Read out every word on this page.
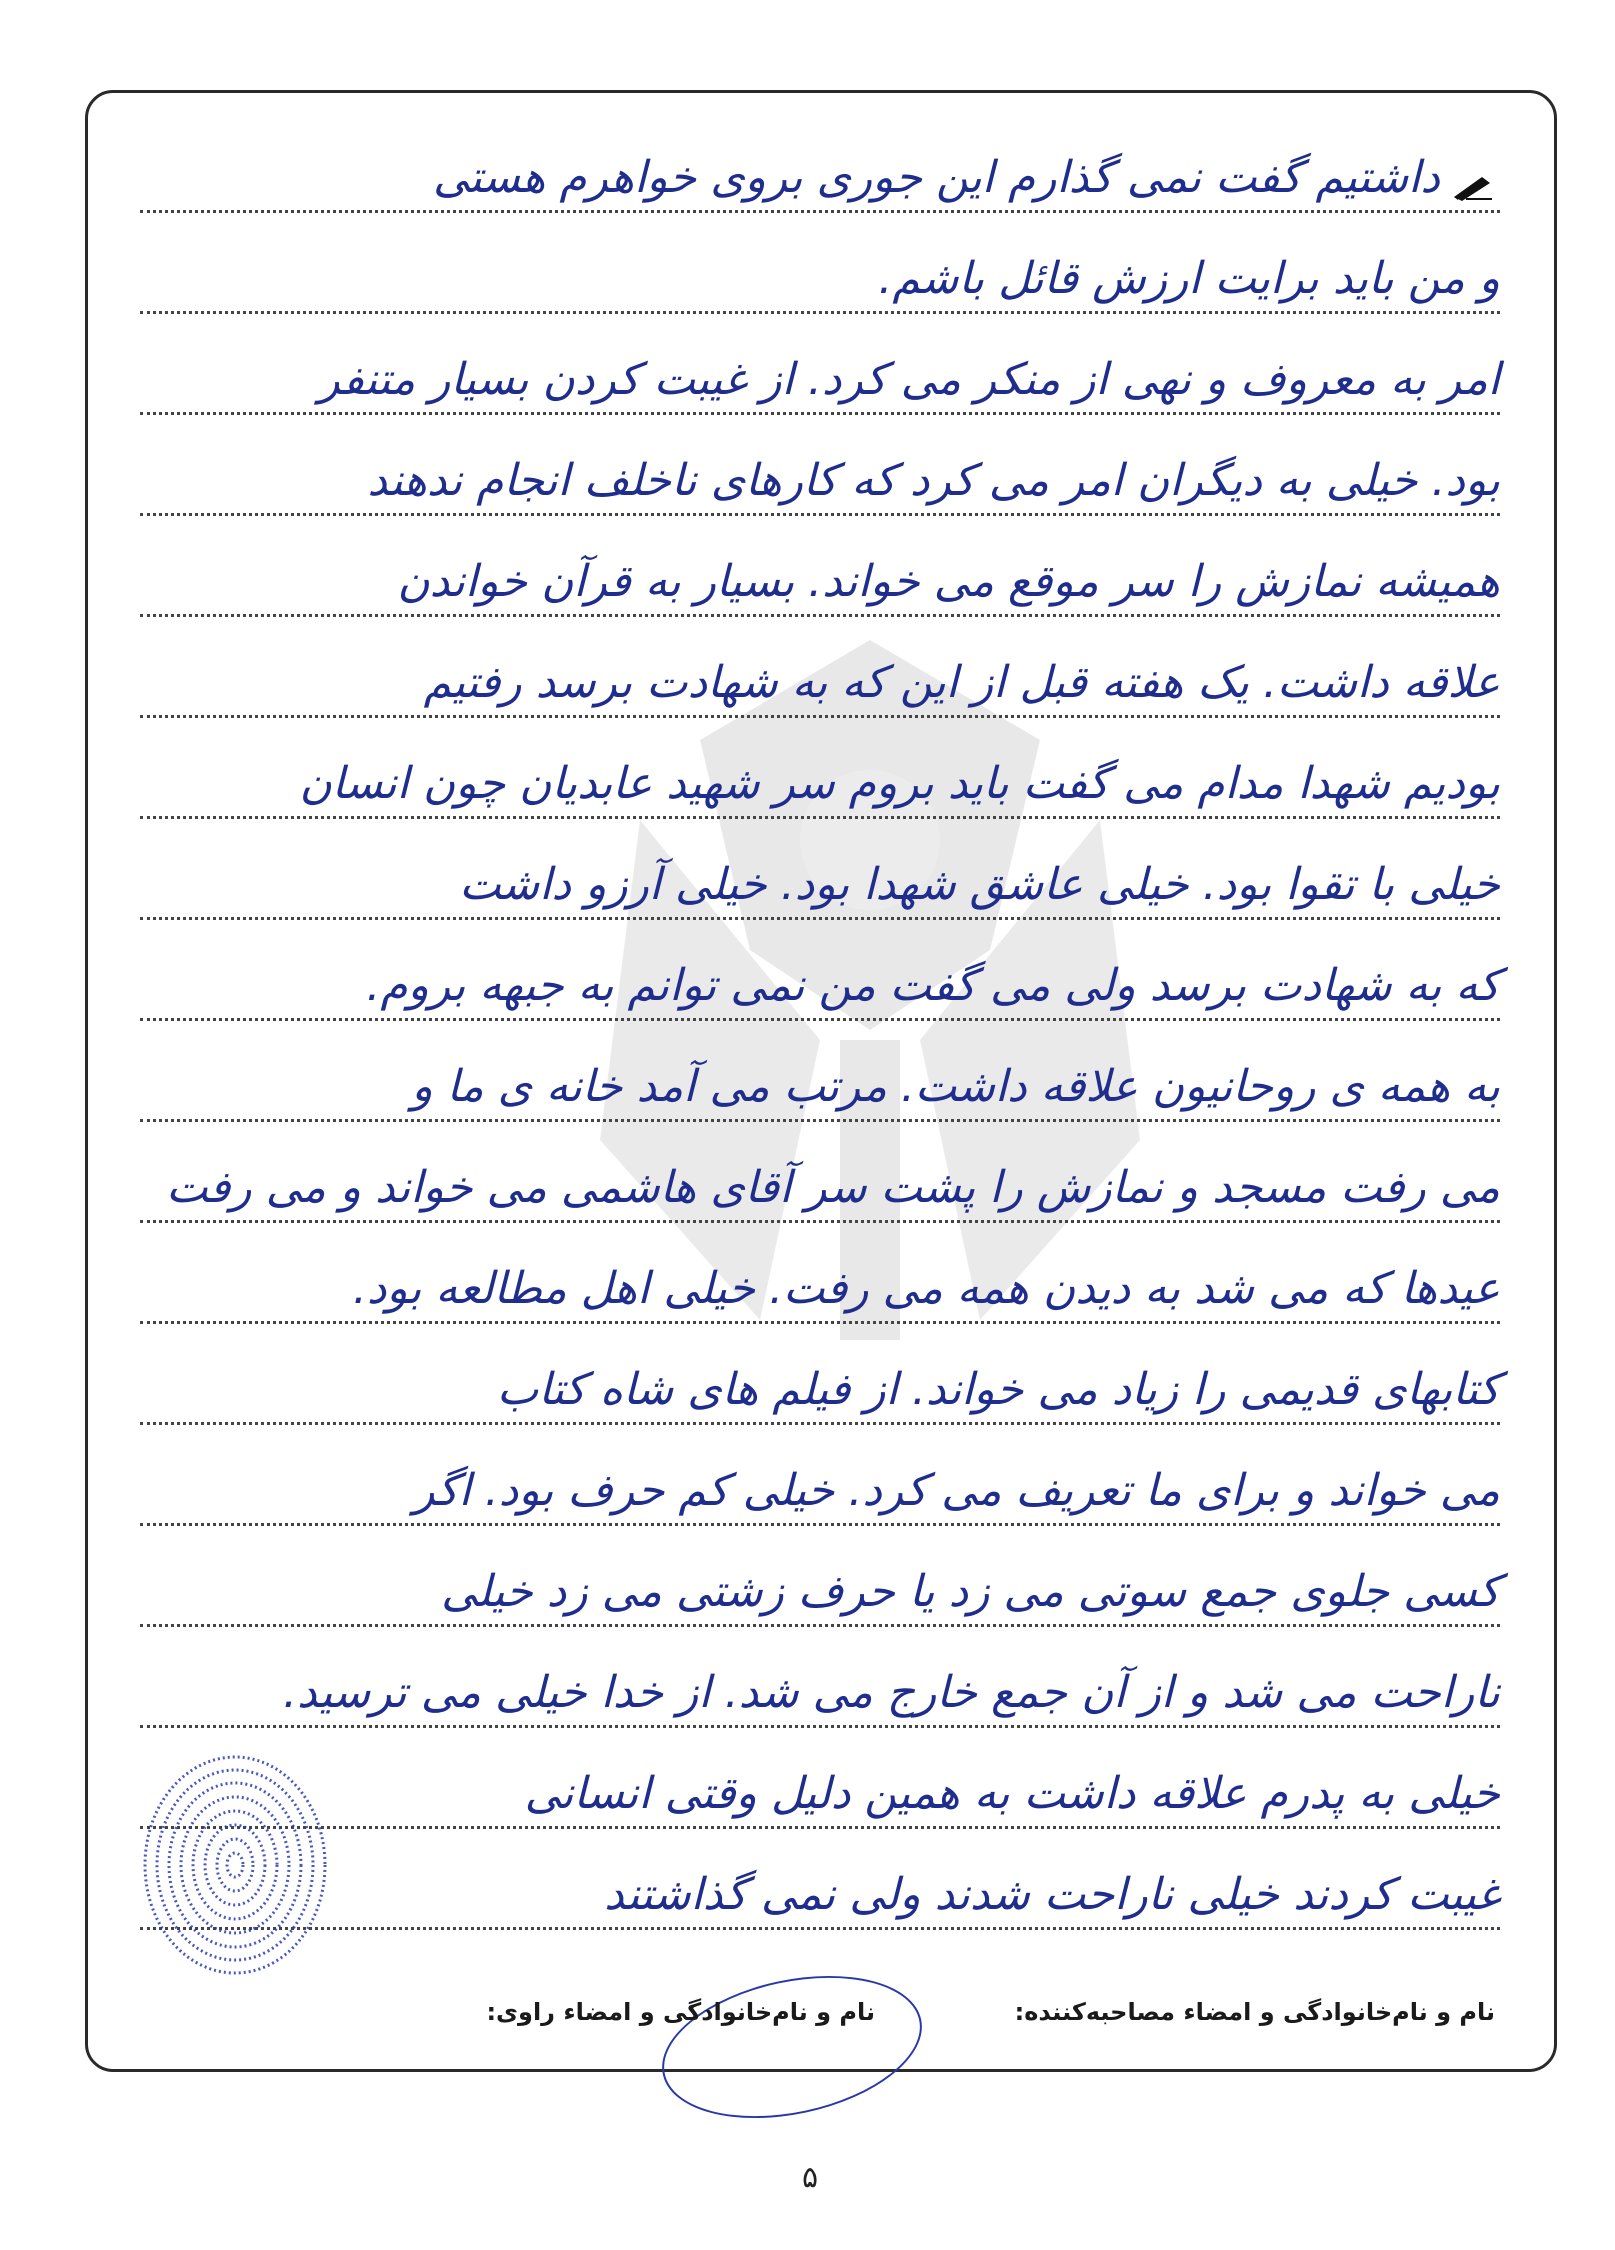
داشتیم گفت نمی گذارم این جوری بروی خواهرم هستی
و من باید برایت ارزش قائل باشم.
امر به معروف و نهی از منکر می کرد. از غیبت کردن بسیار متنفر
بود. خیلی به دیگران امر می کرد که کارهای ناخلف انجام ندهند
همیشه نمازش را سر موقع می خواند. بسیار به قرآن خواندن
علاقه داشت. یک هفته قبل از این که به شهادت برسد رفتیم
بودیم شهدا مدام می گفت باید بروم سر شهید عابدیان چون انسان
خیلی با تقوا بود. خیلی عاشق شهدا بود. خیلی آرزو داشت
که به شهادت برسد ولی می گفت من نمی توانم به جبهه بروم.
به همه ی روحانیون علاقه داشت. مرتب می آمد خانه ی ما و
می رفت مسجد و نمازش را پشت سر آقای هاشمی می خواند و می رفت
عیدها که می شد به دیدن همه می رفت. خیلی اهل مطالعه بود.
کتابهای قدیمی را زیاد می خواند. از فیلم های شاه کتاب
می خواند و برای ما تعریف می کرد. خیلی کم حرف بود. اگر
کسی جلوی جمع سوتی می زد یا حرف زشتی می زد خیلی
ناراحت می شد و از آن جمع خارج می شد. از خدا خیلی می ترسید.
خیلی به پدرم علاقه داشت به همین دلیل وقتی انسانی
غیبت کردند خیلی ناراحت شدند ولی نمی گذاشتند
نام و نام‌خانوادگی و امضاء مصاحبه‌کننده:
نام و نام‌خانوادگی و امضاء راوی:
۵
